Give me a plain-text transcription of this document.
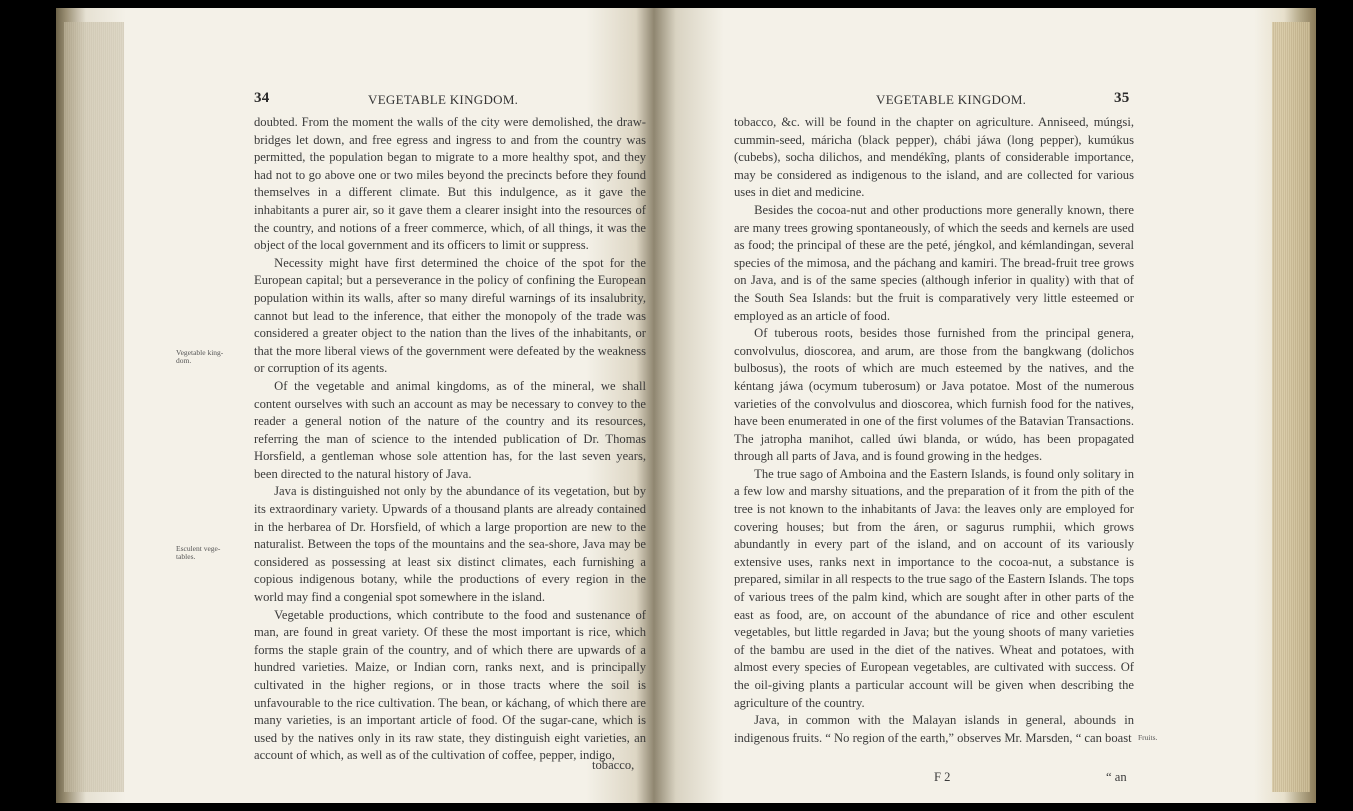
34	VEGETABLE KINGDOM.
Vegetable king-dom.
Esculent vege-tables.

doubted. From the moment the walls of the city were demolished, the draw-bridges let down, and free egress and ingress to and from the country was permitted, the population began to migrate to a more healthy spot, and they had not to go above one or two miles beyond the precincts before they found themselves in a different climate. But this indulgence, as it gave the inhabitants a purer air, so it gave them a clearer insight into the resources of the country, and notions of a freer commerce, which, of all things, it was the object of the local government and its officers to limit or suppress.

Necessity might have first determined the choice of the spot for the European capital; but a perseverance in the policy of confining the European population within its walls, after so many direful warnings of its insalubrity, cannot but lead to the inference, that either the monopoly of the trade was considered a greater object to the nation than the lives of the inhabitants, or that the more liberal views of the government were defeated by the weakness or corruption of its agents.

Of the vegetable and animal kingdoms, as of the mineral, we shall content ourselves with such an account as may be necessary to convey to the reader a general notion of the nature of the country and its resources, referring the man of science to the intended publication of Dr. Thomas Horsfield, a gentleman whose sole attention has, for the last seven years, been directed to the natural history of Java.

Java is distinguished not only by the abundance of its vegetation, but by its extraordinary variety. Upwards of a thousand plants are already contained in the herbarea of Dr. Horsfield, of which a large proportion are new to the naturalist. Between the tops of the mountains and the sea-shore, Java may be considered as possessing at least six distinct climates, each furnishing a copious indigenous botany, while the productions of every region in the world may find a congenial spot somewhere in the island.

Vegetable productions, which contribute to the food and sustenance of man, are found in great variety. Of these the most important is rice, which forms the staple grain of the country, and of which there are upwards of a hundred varieties. Maize, or Indian corn, ranks next, and is principally cultivated in the higher regions, or in those tracts where the soil is unfavourable to the rice cultivation. The bean, or káchang, of which there are many varieties, is an important article of food. Of the sugar-cane, which is used by the natives only in its raw state, they distinguish eight varieties, an account of which, as well as of the cultivation of coffee, pepper, indigo,

tobacco,
VEGETABLE KINGDOM.	35

tobacco, &c. will be found in the chapter on agriculture. Anniseed, múngsi, cummin-seed, máricha (black pepper), chábi jáwa (long pepper), kumúkus (cubebs), socha dilichos, and mendékîng, plants of considerable importance, may be considered as indigenous to the island, and are collected for various uses in diet and medicine.

Besides the cocoa-nut and other productions more generally known, there are many trees growing spontaneously, of which the seeds and kernels are used as food; the principal of these are the peté, jéngkol, and kémlandingan, several species of the mimosa, and the páchang and kamiri. The bread-fruit tree grows on Java, and is of the same species (although inferior in quality) with that of the South Sea Islands: but the fruit is comparatively very little esteemed or employed as an article of food.

Of tuberous roots, besides those furnished from the principal genera, convolvulus, dioscorea, and arum, are those from the bangkwang (dolichos bulbosus), the roots of which are much esteemed by the natives, and the kéntang jáwa (ocymum tuberosum) or Java potatoe. Most of the numerous varieties of the convolvulus and dioscorea, which furnish food for the natives, have been enumerated in one of the first volumes of the Batavian Transactions. The jatropha manihot, called úwi blanda, or wúdo, has been propagated through all parts of Java, and is found growing in the hedges.

The true sago of Amboina and the Eastern Islands, is found only solitary in a few low and marshy situations, and the preparation of it from the pith of the tree is not known to the inhabitants of Java: the leaves only are employed for covering houses; but from the áren, or sagurus rumphii, which grows abundantly in every part of the island, and on account of its variously extensive uses, ranks next in importance to the cocoa-nut, a substance is prepared, similar in all respects to the true sago of the Eastern Islands. The tops of various trees of the palm kind, which are sought after in other parts of the east as food, are, on account of the abundance of rice and other esculent vegetables, but little regarded in Java; but the young shoots of many varieties of the bambu are used in the diet of the natives. Wheat and potatoes, with almost every species of European vegetables, are cultivated with success. Of the oil-giving plants a particular account will be given when describing the agriculture of the country.

Java, in common with the Malayan islands in general, abounds in indigenous fruits. “ No region of the earth,” observes Mr. Marsden, “ can boast Fruits.
F 2	“ an
